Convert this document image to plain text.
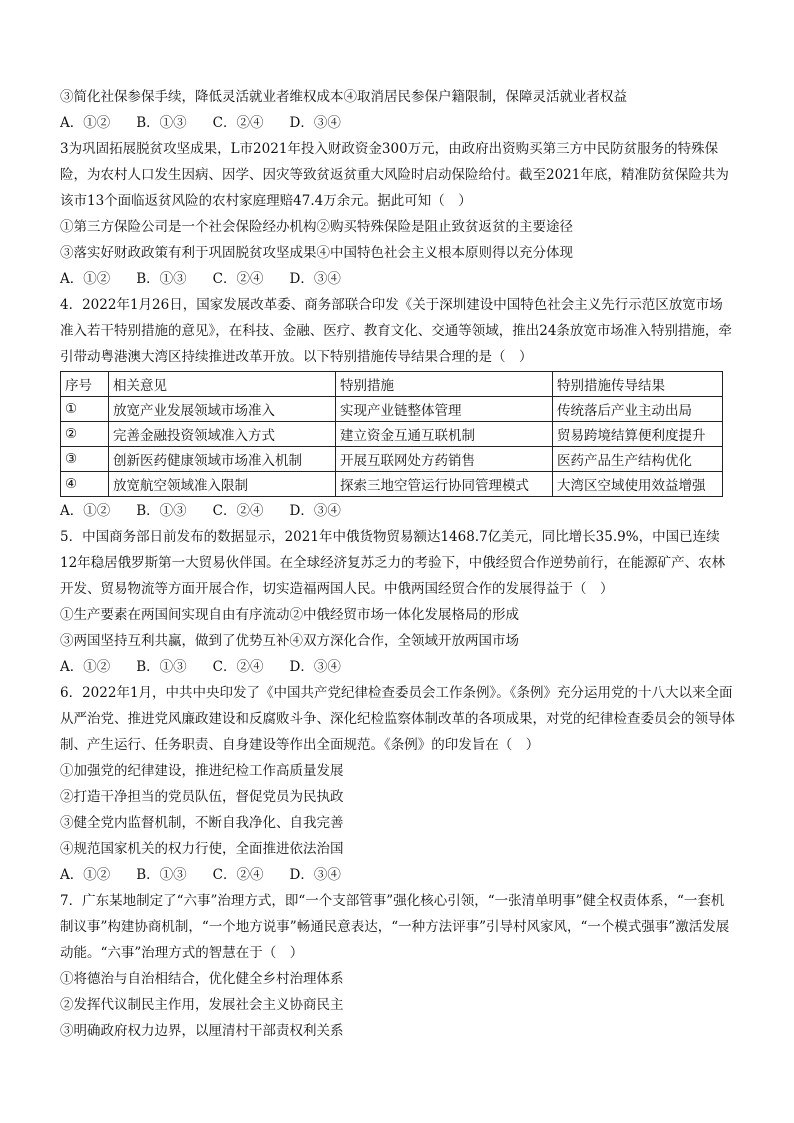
③简化社保参保手续，降低灵活就业者维权成本④取消居民参保户籍限制，保障灵活就业者权益
A．①② B．①③ C．②④ D．③④
3为巩固拓展脱贫攻坚成果，L市2021年投入财政资金300万元，由政府出资购买第三方中民防贫服务的特殊保险，为农村人口发生因病、因学、因灾等致贫返贫重大风险时启动保险给付。截至2021年底，精准防贫保险共为该市13个面临返贫风险的农村家庭理赔47.4万余元。据此可知（　）
①第三方保险公司是一个社会保险经办机构②购买特殊保险是阻止致贫返贫的主要途径
③落实好财政政策有利于巩固脱贫攻坚成果④中国特色社会主义根本原则得以充分体现
A．①② B．①③ C．②④ D．③④
4．2022年1月26日，国家发展改革委、商务部联合印发《关于深圳建设中国特色社会主义先行示范区放宽市场准入若干特别措施的意见》，在科技、金融、医疗、教育文化、交通等领域，推出24条放宽市场准入特别措施，牵引带动粤港澳大湾区持续推进改革开放。以下特别措施传导结果合理的是（　）
序号	相关意见	特别措施	特别措施传导结果
①	放宽产业发展领域市场准入	实现产业链整体管理	传统落后产业主动出局
②	完善金融投资领域准入方式	建立资金互通互联机制	贸易跨境结算便利度提升
③	创新医药健康领域市场准入机制	开展互联网处方药销售	医药产品生产结构优化
④	放宽航空领域准入限制	探索三地空管运行协同管理模式	大湾区空域使用效益增强
A．①② B．①③ C．②④ D．③④
5．中国商务部日前发布的数据显示，2021年中俄货物贸易额达1468.7亿美元，同比增长35.9%，中国已连续12年稳居俄罗斯第一大贸易伙伴国。在全球经济复苏乏力的考验下，中俄经贸合作逆势前行，在能源矿产、农林开发、贸易物流等方面开展合作，切实造福两国人民。中俄两国经贸合作的发展得益于（　）
①生产要素在两国间实现自由有序流动②中俄经贸市场一体化发展格局的形成
③两国坚持互利共赢，做到了优势互补④双方深化合作，全领域开放两国市场
A．①② B．①③ C．②④ D．③④
6．2022年1月，中共中央印发了《中国共产党纪律检查委员会工作条例》。《条例》充分运用党的十八大以来全面从严治党、推进党风廉政建设和反腐败斗争、深化纪检监察体制改革的各项成果，对党的纪律检查委员会的领导体制、产生运行、任务职责、自身建设等作出全面规范。《条例》的印发旨在（　）
①加强党的纪律建设，推进纪检工作高质量发展
②打造干净担当的党员队伍，督促党员为民执政
③健全党内监督机制，不断自我净化、自我完善
④规范国家机关的权力行使，全面推进依法治国
A．①② B．①③ C．②④ D．③④
7．广东某地制定了“六事”治理方式，即“一个支部管事”强化核心引领，“一张清单明事”健全权责体系，“一套机制议事”构建协商机制，“一个地方说事”畅通民意表达，“一种方法评事”引导村风家风，“一个模式强事”激活发展动能。“六事”治理方式的智慧在于（　）
①将德治与自治相结合，优化健全乡村治理体系
②发挥代议制民主作用，发展社会主义协商民主
③明确政府权力边界，以厘清村干部责权利关系
